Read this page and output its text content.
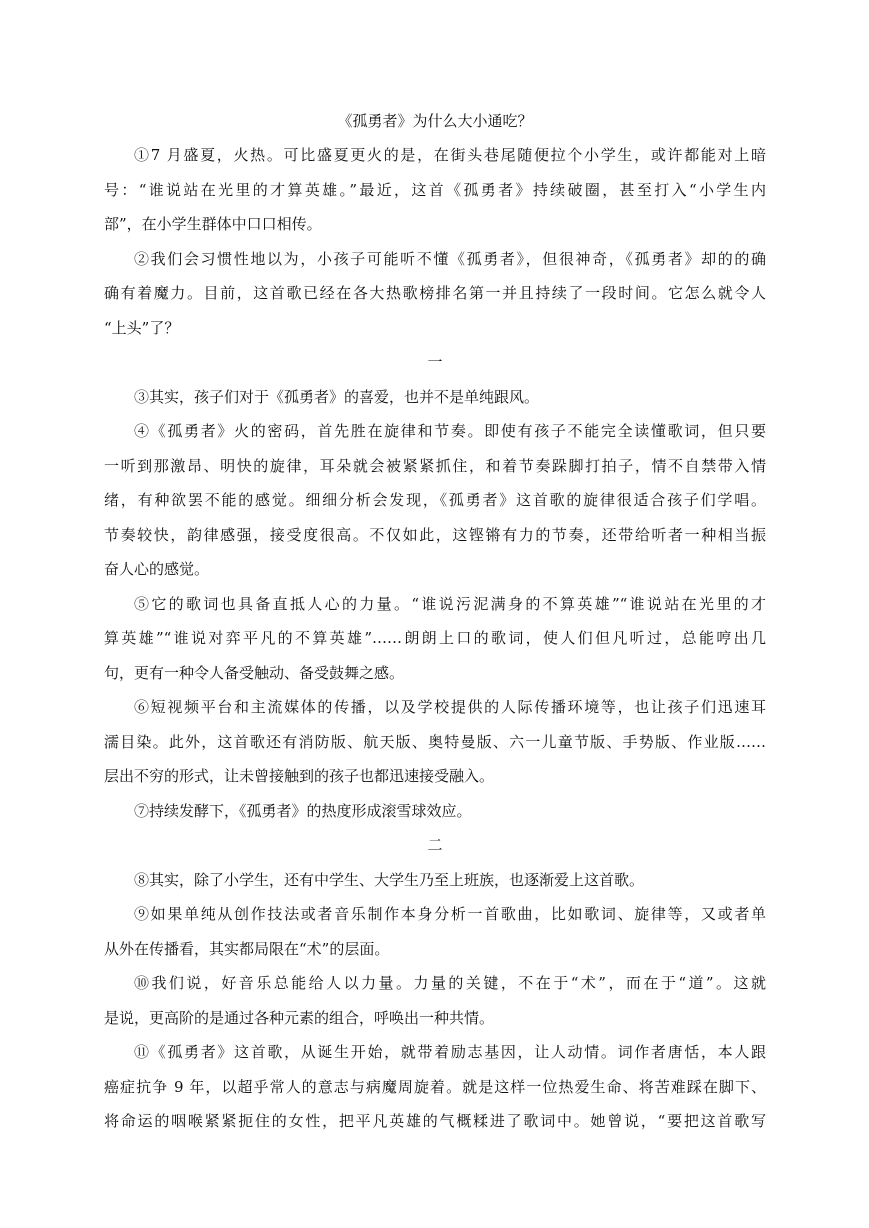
《孤勇者》为什么大小通吃？

①7 月盛夏，火热。可比盛夏更火的是，在街头巷尾随便拉个小学生，或许都能对上暗
号：“谁说站在光里的才算英雄。”最近，这首《孤勇者》持续破圈，甚至打入“小学生内
部”，在小学生群体中口口相传。
②我们会习惯性地以为，小孩子可能听不懂《孤勇者》，但很神奇，《孤勇者》却的的确
确有着魔力。目前，这首歌已经在各大热歌榜排名第一并且持续了一段时间。它怎么就令人
“上头”了？

一

③其实，孩子们对于《孤勇者》的喜爱，也并不是单纯跟风。
④《孤勇者》火的密码，首先胜在旋律和节奏。即使有孩子不能完全读懂歌词，但只要
一听到那激昂、明快的旋律，耳朵就会被紧紧抓住，和着节奏跺脚打拍子，情不自禁带入情
绪，有种欲罢不能的感觉。细细分析会发现，《孤勇者》这首歌的旋律很适合孩子们学唱。
节奏较快，韵律感强，接受度很高。不仅如此，这铿锵有力的节奏，还带给听者一种相当振
奋人心的感觉。
⑤它的歌词也具备直抵人心的力量。“谁说污泥满身的不算英雄”“谁说站在光里的才
算英雄”“谁说对弈平凡的不算英雄”……朗朗上口的歌词，使人们但凡听过，总能哼出几
句，更有一种令人备受触动、备受鼓舞之感。
⑥短视频平台和主流媒体的传播，以及学校提供的人际传播环境等，也让孩子们迅速耳
濡目染。此外，这首歌还有消防版、航天版、奥特曼版、六一儿童节版、手势版、作业版……
层出不穷的形式，让未曾接触到的孩子也都迅速接受融入。
⑦持续发酵下，《孤勇者》的热度形成滚雪球效应。

二

⑧其实，除了小学生，还有中学生、大学生乃至上班族，也逐渐爱上这首歌。
⑨如果单纯从创作技法或者音乐制作本身分析一首歌曲，比如歌词、旋律等，又或者单
从外在传播看，其实都局限在“术”的层面。
⑩我们说，好音乐总能给人以力量。力量的关键，不在于“术”，而在于“道”。这就
是说，更高阶的是通过各种元素的组合，呼唤出一种共情。
⑪《孤勇者》这首歌，从诞生开始，就带着励志基因，让人动情。词作者唐恬，本人跟
癌症抗争 9 年，以超乎常人的意志与病魔周旋着。就是这样一位热爱生命、将苦难踩在脚下、
将命运的咽喉紧紧扼住的女性，把平凡英雄的气概糅进了歌词中。她曾说，“要把这首歌写
